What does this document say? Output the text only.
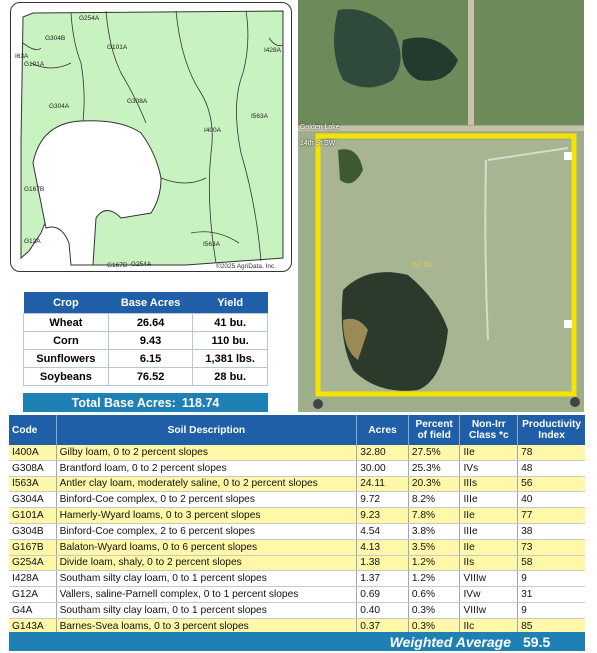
G254A
G304B
G101A	I428A
I63A
G101A
G304A
G308A
I400A
I563A
G167B
G12A	I563A
G167B G254A	©2025 AgriData, Inc.
Golden Lake
14th St SW
157.50
Crop	Base Acres	Yield
Wheat	26.64	41 bu.
Corn	9.43	110 bu.
Sunflowers	6.15	1,381 lbs.
Soybeans	76.52	28 bu.
Total Base Acres: 118.74
Code	Soil Description	Acres	Percent of field	Non-Irr Class *c	Productivity Index
I400A	Gilby loam, 0 to 2 percent slopes	32.80	27.5%	IIe	78
G308A	Brantford loam, 0 to 2 percent slopes	30.00	25.3%	IVs	48
I563A	Antler clay loam, moderately saline, 0 to 2 percent slopes	24.11	20.3%	IIIs	56
G304A	Binford-Coe complex, 0 to 2 percent slopes	9.72	8.2%	IIIe	40
G101A	Hamerly-Wyard loams, 0 to 3 percent slopes	9.23	7.8%	IIe	77
G304B	Binford-Coe complex, 2 to 6 percent slopes	4.54	3.8%	IIIe	38
G167B	Balaton-Wyard loams, 0 to 6 percent slopes	4.13	3.5%	IIe	73
G254A	Divide loam, shaly, 0 to 2 percent slopes	1.38	1.2%	IIs	58
I428A	Southam silty clay loam, 0 to 1 percent slopes	1.37	1.2%	VIIIw	9
G12A	Vallers, saline-Parnell complex, 0 to 1 percent slopes	0.69	0.6%	IVw	31
G4A	Southam silty clay loam, 0 to 1 percent slopes	0.40	0.3%	VIIIw	9
G143A	Barnes-Svea loams, 0 to 3 percent slopes	0.37	0.3%	IIc	85
Weighted Average 59.5
